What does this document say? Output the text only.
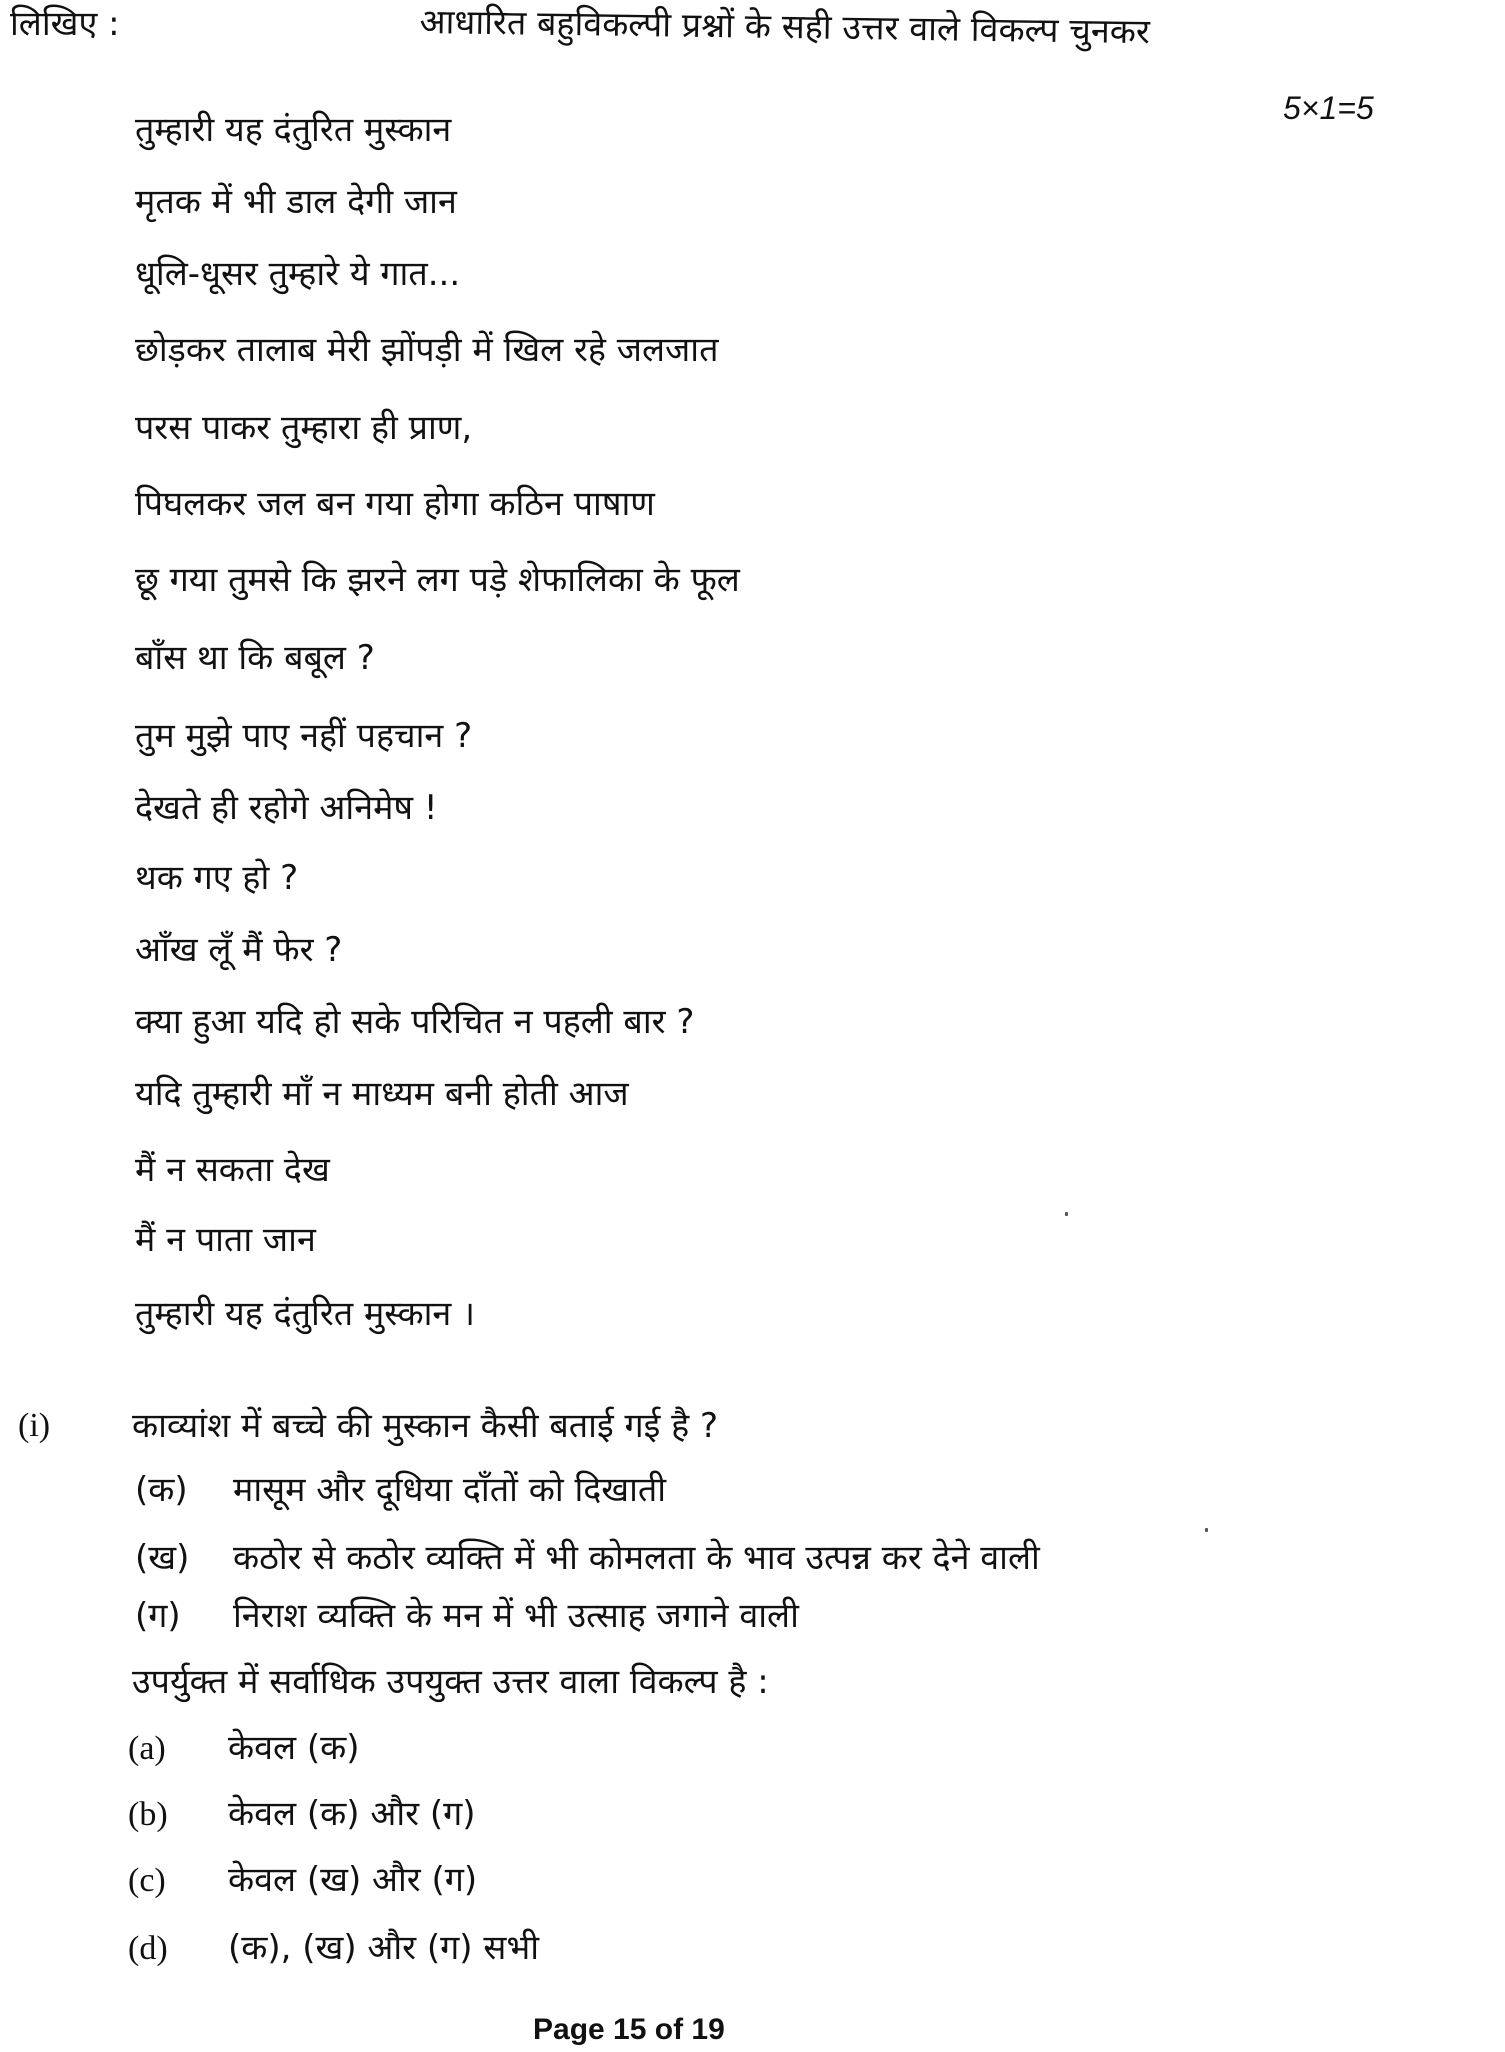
लिखिए :	आधारित बहुविकल्पी प्रश्नों के सही उत्तर वाले विकल्प चुनकर
5×1=5
तुम्हारी यह दंतुरित मुस्कान
मृतक में भी डाल देगी जान
धूलि-धूसर तुम्हारे ये गात...
छोड़कर तालाब मेरी झोंपड़ी में खिल रहे जलजात
परस पाकर तुम्हारा ही प्राण,
पिघलकर जल बन गया होगा कठिन पाषाण
छू गया तुमसे कि झरने लग पड़े शेफालिका के फूल
बाँस था कि बबूल ?
तुम मुझे पाए नहीं पहचान ?
देखते ही रहोगे अनिमेष !
थक गए हो ?
आँख लूँ मैं फेर ?
क्या हुआ यदि हो सके परिचित न पहली बार ?
यदि तुम्हारी माँ न माध्यम बनी होती आज
मैं न सकता देख
मैं न पाता जान
तुम्हारी यह दंतुरित मुस्कान ।
(i) काव्यांश में बच्चे की मुस्कान कैसी बताई गई है ?
(क) मासूम और दूधिया दाँतों को दिखाती
(ख) कठोर से कठोर व्यक्ति में भी कोमलता के भाव उत्पन्न कर देने वाली
(ग) निराश व्यक्ति के मन में भी उत्साह जगाने वाली
उपर्युक्त में सर्वाधिक उपयुक्त उत्तर वाला विकल्प है :
(a) केवल (क)
(b) केवल (क) और (ग)
(c) केवल (ख) और (ग)
(d) (क), (ख) और (ग) सभी
Page 15 of 19
